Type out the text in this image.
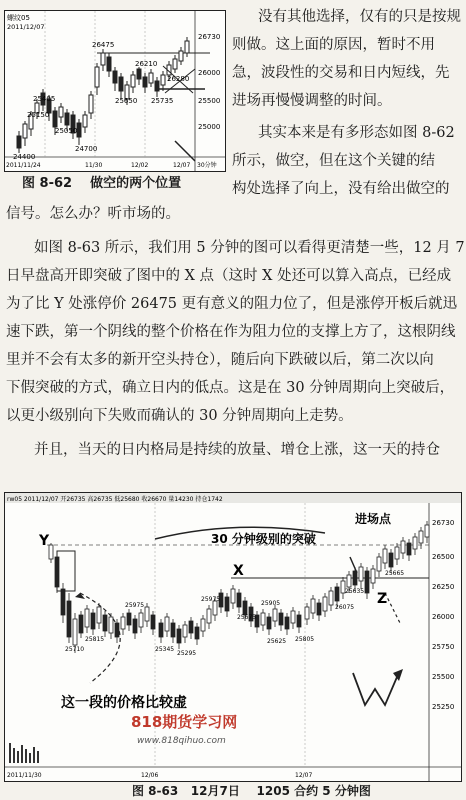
螺纹05
2011/12/07
26475
25405
25150
25050
24700
24400
26210
25650 25735
26280
26730
26000
25500
25000
2011/11/24	11/30	12/02	12/07 30分钟
图 8-62 做空的两个位置
没有其他选择，仅有的只是按规
则做。这上面的原因，暂时不用
急，波段性的交易和日内短线，先
进场再慢慢调整的时间。
其实本来是有多形态如图 8-62
所示，做空，但在这个关键的结
构处选择了向上，没有给出做空的
信号。怎么办？听市场的。
如图 8-63 所示，我们用 5 分钟的图可以看得更清楚一些，12 月 7
日早盘高开即突破了图中的 X 点（这时 X 处还可以算入高点，已经成
为了比 Y 处涨停价 26475 更有意义的阻力位了，但是涨停开板后就迅
速下跌，第一个阴线的整个价格在作为阻力位的支撑上方了，这根阴线
里并不会有太多的新开空头持仓），随后向下跌破以后，第二次以向
下假突破的方式，确立日内的低点。这是在 30 分钟周期向上突破后，
以更小级别向下失败而确认的 30 分钟周期向上走势。
并且，当天的日内格局是持续的放量、增仓上涨，这一天的持仓
rw05 2011/12/07 开26735 高26735 低25680 收26670 量14230 持仓1742
Y
X
Z
30 分钟级别的突破
进场点
这一段的价格比较虚
818期货学习网
www.818qihuo.com
26730
26500
26250
26000
25750
25500
25250
25710
25975
25815
25345
25975
25905
25295
25625 25805
25675
26075
25635
25665
2011/11/30	12/06	12/07
图 8-63 12月7日 1205 合约 5 分钟图
